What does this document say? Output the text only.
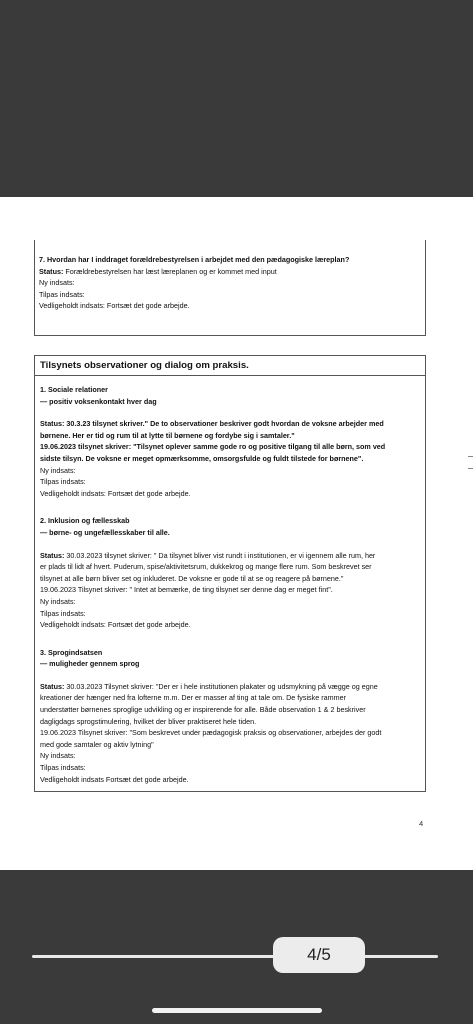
7. Hvordan har I inddraget forældrebestyrelsen i arbejdet med den pædagogiske læreplan?
Status: Forældrebestyrelsen har læst læreplanen og er kommet med input
Ny indsats:
Tilpas indsats:
Vedligeholdt indsats: Fortsæt det gode arbejde.
Tilsynets observationer og dialog om praksis.
1. Sociale relationer
— positiv voksenkontakt hver dag
Status: 30.3.23 tilsynet skriver." De to observationer beskriver godt hvordan de voksne arbejder med
børnene. Her er tid og rum til at lytte til børnene og fordybe sig i samtaler."
19.06.2023 tilsynet skriver: "Tilsynet oplever samme gode ro og positive tilgang til alle børn, som ved
sidste tilsyn. De voksne er meget opmærksomme, omsorgsfulde og fuldt tilstede for børnene".
Ny indsats:
Tilpas indsats:
Vedligeholdt indsats: Fortsæt det gode arbejde.
2. Inklusion og fællesskab
— børne- og ungefællesskaber til alle.
Status: 30.03.2023 tilsynet skriver: " Da tilsynet bliver vist rundt i institutionen, er vi igennem alle rum, her
er plads til lidt af hvert. Puderum, spise/aktivitetsrum, dukkekrog og mange flere rum. Som beskrevet ser
tilsynet at alle børn bliver set og inkluderet. De voksne er gode til at se og reagere på børnene."
19.06.2023 Tilsynet skriver: " Intet at bemærke, de ting tilsynet ser denne dag er meget fint".
Ny indsats:
Tilpas indsats:
Vedligeholdt indsats: Fortsæt det gode arbejde.
3. Sprogindsatsen
— muligheder gennem sprog
Status: 30.03.2023 Tilsynet skriver: "Der er i hele institutionen plakater og udsmykning på væggе og egne
kreationer der hænger ned fra lofterne m.m. Der er masser af ting at tale om. De fysiske rammer
understøtter børnenes sproglige udvikling og er inspirerende for alle. Både observation 1 & 2 beskriver
dagligdags sprogstimulering, hvilket der bliver praktiseret hele tiden.
19.06.2023 Tilsynet skriver: "Som beskrevet under pædagogisk praksis og observationer, arbejdes der godt
med gode samtaler og aktiv lytning"
Ny indsats:
Tilpas indsats:
Vedligeholdt indsats Fortsæt det gode arbejde.
4
4/5
